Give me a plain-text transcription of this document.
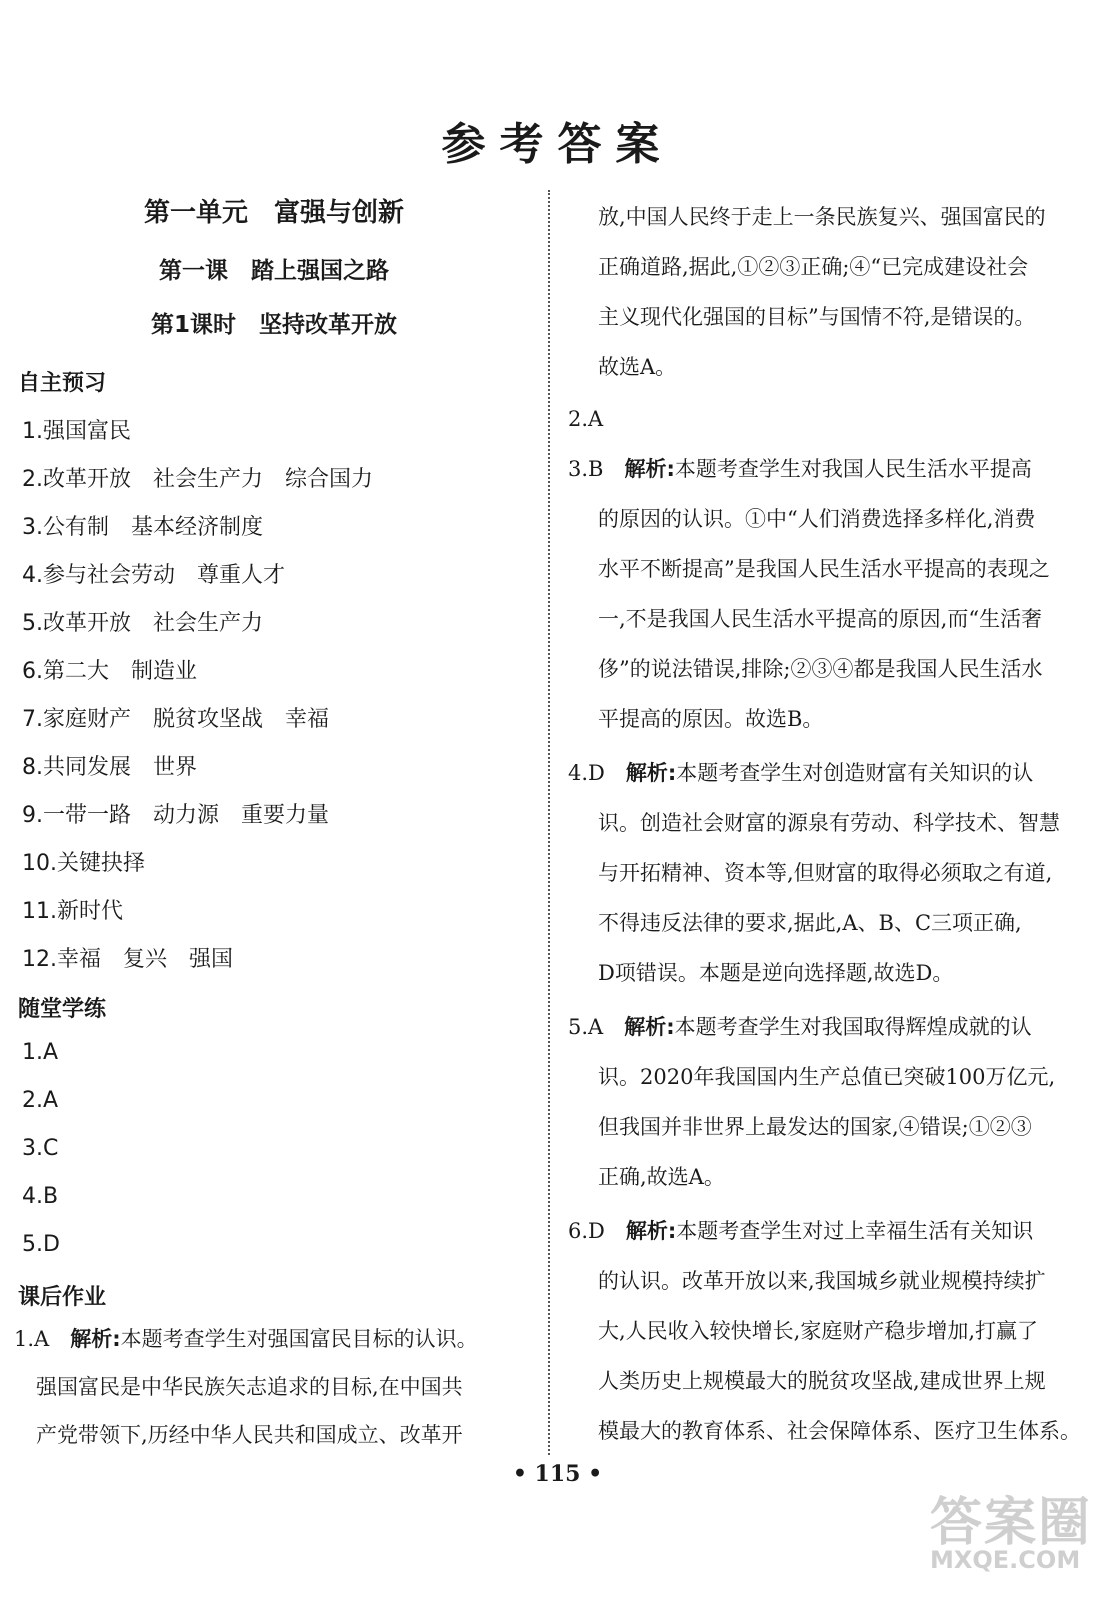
参考答案
第一单元　富强与创新
第一课　踏上强国之路
第1课时　坚持改革开放
自主预习
1.强国富民
2.改革开放　社会生产力　综合国力
3.公有制　基本经济制度
4.参与社会劳动　尊重人才
5.改革开放　社会生产力
6.第二大　制造业
7.家庭财产　脱贫攻坚战　幸福
8.共同发展　世界
9.一带一路　动力源　重要力量
10.关键抉择
11.新时代
12.幸福　复兴　强国
随堂学练
1.A
2.A
3.C
4.B
5.D
课后作业
1.A　解析:本题考查学生对强国富民目标的认识。
强国富民是中华民族矢志追求的目标,在中国共
产党带领下,历经中华人民共和国成立、改革开
放,中国人民终于走上一条民族复兴、强国富民的
正确道路,据此,①②③正确;④“已完成建设社会
主义现代化强国的目标”与国情不符,是错误的。
故选A。
2.A
3.B　解析:本题考查学生对我国人民生活水平提高
的原因的认识。①中“人们消费选择多样化,消费
水平不断提高”是我国人民生活水平提高的表现之
一,不是我国人民生活水平提高的原因,而“生活奢
侈”的说法错误,排除;②③④都是我国人民生活水
平提高的原因。故选B。
4.D　解析:本题考查学生对创造财富有关知识的认
识。创造社会财富的源泉有劳动、科学技术、智慧
与开拓精神、资本等,但财富的取得必须取之有道,
不得违反法律的要求,据此,A、B、C三项正确,
D项错误。本题是逆向选择题,故选D。
5.A　解析:本题考查学生对我国取得辉煌成就的认
识。2020年我国国内生产总值已突破100万亿元,
但我国并非世界上最发达的国家,④错误;①②③
正确,故选A。
6.D　解析:本题考查学生对过上幸福生活有关知识
的认识。改革开放以来,我国城乡就业规模持续扩
大,人民收入较快增长,家庭财产稳步增加,打赢了
人类历史上规模最大的脱贫攻坚战,建成世界上规
模最大的教育体系、社会保障体系、医疗卫生体系。
• 115 •
答案圈
MXQE.COM
